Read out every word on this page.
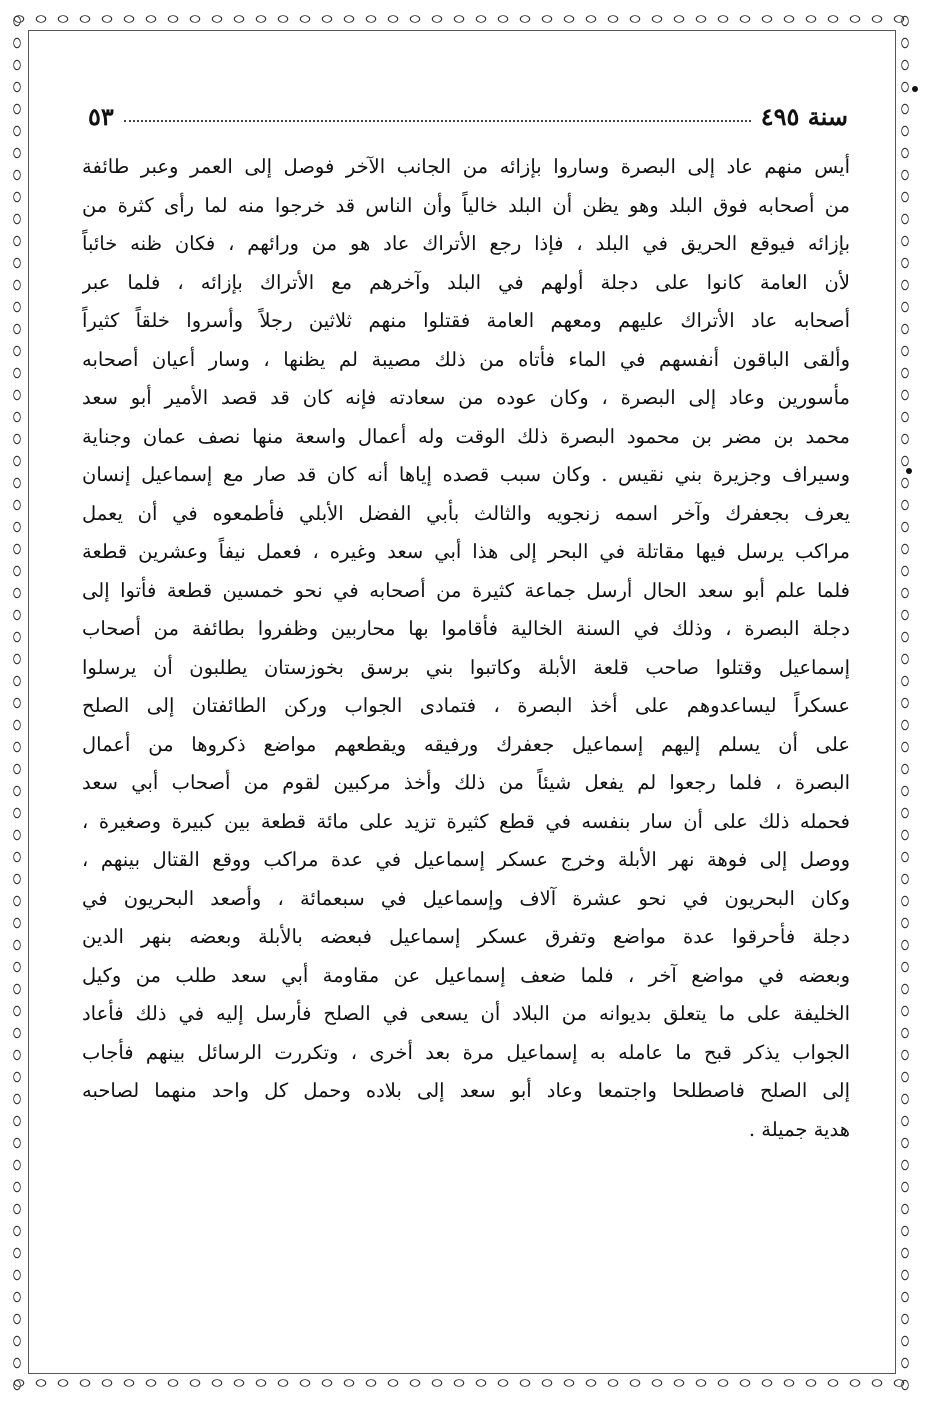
سنة ٤٩٥
٥٣
أيس منهم عاد إلى البصرة وساروا بإزائه من الجانب الآخر فوصل إلى العمر وعبر طائفة
من أصحابه فوق البلد وهو يظن أن البلد خالياً وأن الناس قد خرجوا منه لما رأى كثرة من
بإزائه فيوقع الحريق في البلد ، فإذا رجع الأتراك عاد هو من ورائهم ، فكان ظنه خائباً
لأن العامة كانوا على دجلة أولهم في البلد وآخرهم مع الأتراك بإزائه ، فلما عبر
أصحابه عاد الأتراك عليهم ومعهم العامة فقتلوا منهم ثلاثين رجلاً وأسروا خلقاً كثيراً
وألقى الباقون أنفسهم في الماء فأتاه من ذلك مصيبة لم يظنها ، وسار أعيان أصحابه
مأسورين وعاد إلى البصرة ، وكان عوده من سعادته فإنه كان قد قصد الأمير أبو سعد
محمد بن مضر بن محمود البصرة ذلك الوقت وله أعمال واسعة منها نصف عمان وجناية
وسيراف وجزيرة بني نقيس . وكان سبب قصده إياها أنه كان قد صار مع إسماعيل إنسان
يعرف بجعفرك وآخر اسمه زنجويه والثالث بأبي الفضل الأبلي فأطمعوه في أن يعمل
مراكب يرسل فيها مقاتلة في البحر إلى هذا أبي سعد وغيره ، فعمل نيفاً وعشرين قطعة
فلما علم أبو سعد الحال أرسل جماعة كثيرة من أصحابه في نحو خمسين قطعة فأتوا إلى
دجلة البصرة ، وذلك في السنة الخالية فأقاموا بها محاربين وظفروا بطائفة من أصحاب
إسماعيل وقتلوا صاحب قلعة الأبلة وكاتبوا بني برسق بخوزستان يطلبون أن يرسلوا
عسكراً ليساعدوهم على أخذ البصرة ، فتمادى الجواب وركن الطائفتان إلى الصلح
على أن يسلم إليهم إسماعيل جعفرك ورفيقه ويقطعهم مواضع ذكروها من أعمال
البصرة ، فلما رجعوا لم يفعل شيئاً من ذلك وأخذ مركبين لقوم من أصحاب أبي سعد
فحمله ذلك على أن سار بنفسه في قطع كثيرة تزيد على مائة قطعة بين كبيرة وصغيرة ،
ووصل إلى فوهة نهر الأبلة وخرج عسكر إسماعيل في عدة مراكب ووقع القتال بينهم ،
وكان البحريون في نحو عشرة آلاف وإسماعيل في سبعمائة ، وأصعد البحريون في
دجلة فأحرقوا عدة مواضع وتفرق عسكر إسماعيل فبعضه بالأبلة وبعضه بنهر الدين
وبعضه في مواضع آخر ، فلما ضعف إسماعيل عن مقاومة أبي سعد طلب من وكيل
الخليفة على ما يتعلق بديوانه من البلاد أن يسعى في الصلح فأرسل إليه في ذلك فأعاد
الجواب يذكر قبح ما عامله به إسماعيل مرة بعد أخرى ، وتكررت الرسائل بينهم فأجاب
إلى الصلح فاصطلحا واجتمعا وعاد أبو سعد إلى بلاده وحمل كل واحد منهما لصاحبه
هدية جميلة .
